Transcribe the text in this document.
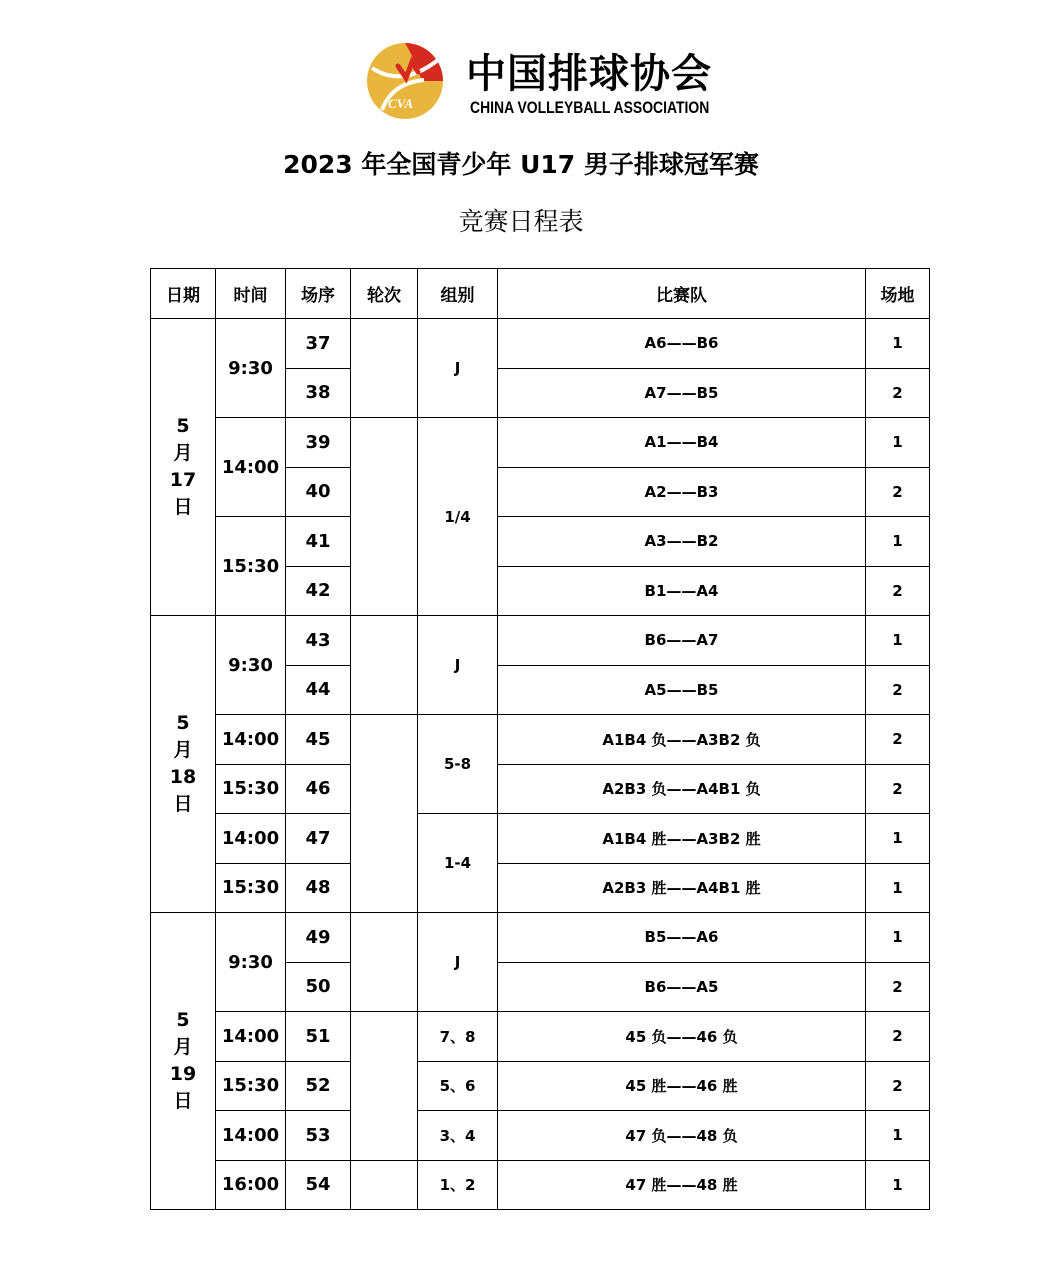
CVA
中国排球协会
CHINA VOLLEYBALL ASSOCIATION
2023 年全国青少年 U17 男子排球冠军赛
竞赛日程表
日期	时间	场序	轮次	组别	比赛队	场地

5
月
17
日	9:30	37		J	A6——B6	1
		38			A7——B5	2
	14:00	39		1/4	A1——B4	1
		40			A2——B3	2
	15:30	41			A3——B2	1
		42			B1——A4	2

5
月
18
日	9:30	43		J	B6——A7	1
		44			A5——B5	2
	14:00	45		5-8	A1B4 负——A3B2 负	2
	15:30	46			A2B3 负——A4B1 负	2
	14:00	47		1-4	A1B4 胜——A3B2 胜	1
	15:30	48			A2B3 胜——A4B1 胜	1

5
月
19
日	9:30	49		J	B5——A6	1
		50			B6——A5	2
	14:00	51		7、8	45 负——46 负	2
	15:30	52		5、6	45 胜——46 胜	2
	14:00	53		3、4	47 负——48 负	1
	16:00	54		1、2	47 胜——48 胜	1
